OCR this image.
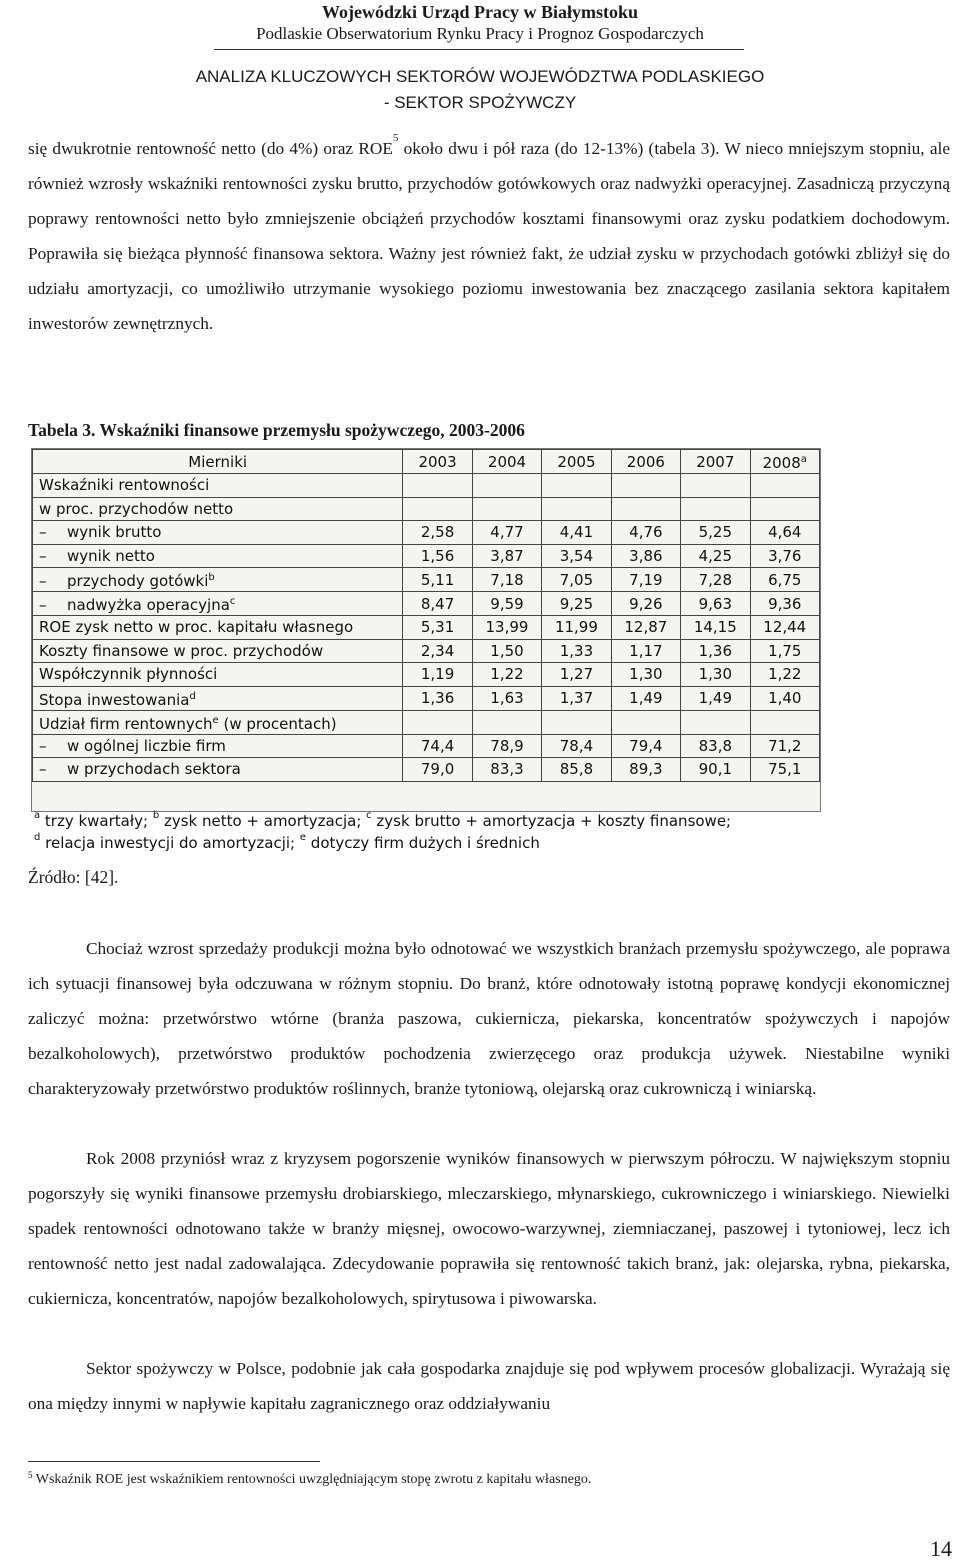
Wojewódzki Urząd Pracy w Białymstoku
Podlaskie Obserwatorium Rynku Pracy i Prognoz Gospodarczych
ANALIZA KLUCZOWYCH SEKTORÓW WOJEWÓDZTWA PODLASKIEGO
- SEKTOR SPOŻYWCZY

się dwukrotnie rentowność netto (do 4%) oraz ROE$^5$ około dwu i pół raza (do 12-13%) (tabela 3). W nieco mniejszym stopniu, ale również wzrosły wskaźniki rentowności zysku brutto, przychodów gotówkowych oraz nadwyżki operacyjnej. Zasadniczą przyczyną poprawy rentowności netto było zmniejszenie obciążeń przychodów kosztami finansowymi oraz zysku podatkiem dochodowym. Poprawiła się bieżąca płynność finansowa sektora. Ważny jest również fakt, że udział zysku w przychodach gotówki zbliżył się do udziału amortyzacji, co umożliwiło utrzymanie wysokiego poziomu inwestowania bez znaczącego zasilania sektora kapitałem inwestorów zewnętrznych.

Tabela 3. Wskaźniki finansowe przemysłu spożywczego, 2003-2006
Mierniki	2003	2004	2005	2006	2007	2008$^a$
Wskaźniki rentowności						
w proc. przychodów netto						
– wynik brutto	2,58	4,77	4,41	4,76	5,25	4,64
– wynik netto	1,56	3,87	3,54	3,86	4,25	3,76
– przychody gotówki$^b$	5,11	7,18	7,05	7,19	7,28	6,75
– nadwyżka operacyjna$^c$	8,47	9,59	9,25	9,26	9,63	9,36
ROE zysk netto w proc. kapitału własnego	5,31	13,99	11,99	12,87	14,15	12,44
Koszty finansowe w proc. przychodów	2,34	1,50	1,33	1,17	1,36	1,75
Współczynnik płynności	1,19	1,22	1,27	1,30	1,30	1,22
Stopa inwestowania$^d$	1,36	1,63	1,37	1,49	1,49	1,40
Udział firm rentownych$^e$ (w procentach)						
– w ogólnej liczbie firm	74,4	78,9	78,4	79,4	83,8	71,2
– w przychodach sektora	79,0	83,3	85,8	89,3	90,1	75,1
$^a$ trzy kwartały; $^b$ zysk netto + amortyzacja; $^c$ zysk brutto + amortyzacja + koszty finansowe;
$^d$ relacja inwestycji do amortyzacji; $^e$ dotyczy firm dużych i średnich
Źródło: [42].

Chociaż wzrost sprzedaży produkcji można było odnotować we wszystkich branżach przemysłu spożywczego, ale poprawa ich sytuacji finansowej była odczuwana w różnym stopniu. Do branż, które odnotowały istotną poprawę kondycji ekonomicznej zaliczyć można: przetwórstwo wtórne (branża paszowa, cukiernicza, piekarska, koncentratów spożywczych i napojów bezalkoholowych), przetwórstwo produktów pochodzenia zwierzęcego oraz produkcja używek. Niestabilne wyniki charakteryzowały przetwórstwo produktów roślinnych, branże tytoniową, olejarską oraz cukrowniczą i winiarską.

Rok 2008 przyniósł wraz z kryzysem pogorszenie wyników finansowych w pierwszym półroczu. W największym stopniu pogorszyły się wyniki finansowe przemysłu drobiarskiego, mleczarskiego, młynarskiego, cukrowniczego i winiarskiego. Niewielki spadek rentowności odnotowano także w branży mięsnej, owocowo-warzywnej, ziemniaczanej, paszowej i tytoniowej, lecz ich rentowność netto jest nadal zadowalająca. Zdecydowanie poprawiła się rentowność takich branż, jak: olejarska, rybna, piekarska, cukiernicza, koncentratów, napojów bezalkoholowych, spirytusowa i piwowarska.

Sektor spożywczy w Polsce, podobnie jak cała gospodarka znajduje się pod wpływem procesów globalizacji. Wyrażają się ona między innymi w napływie kapitału zagranicznego oraz oddziaływaniu

$^5$ Wskaźnik ROE jest wskaźnikiem rentowności uwzględniającym stopę zwrotu z kapitału własnego.
14
